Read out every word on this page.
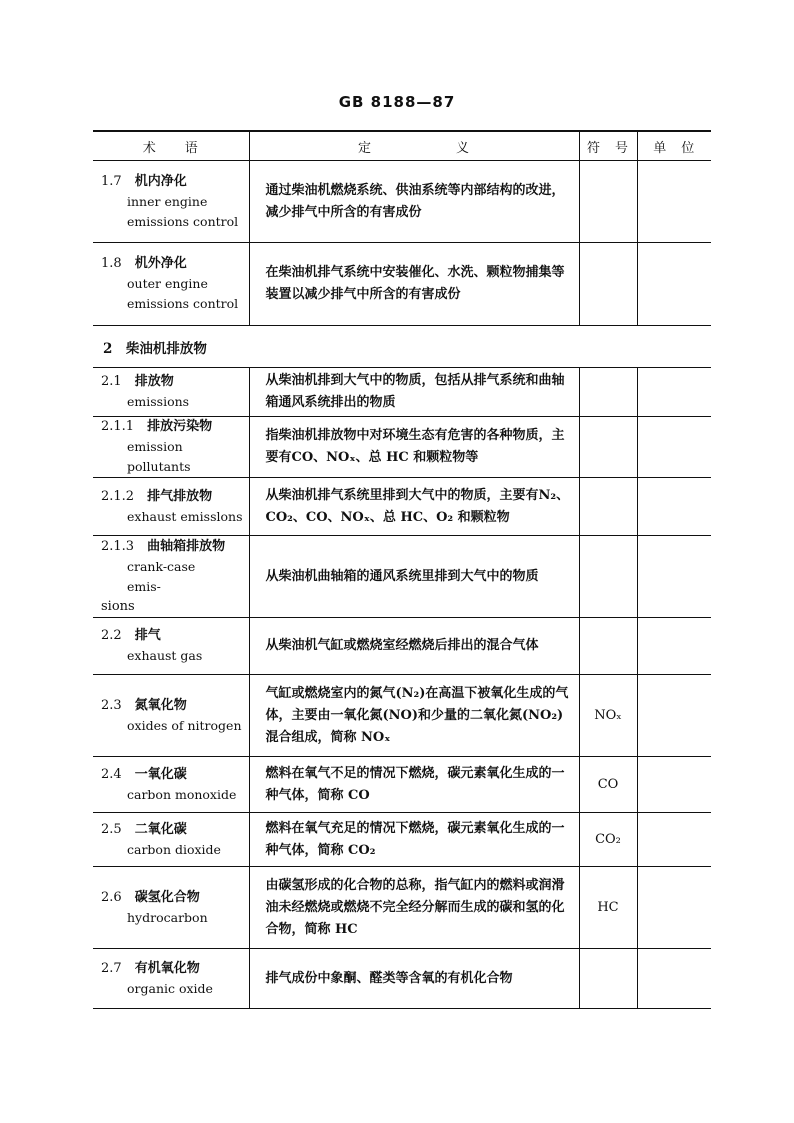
GB 8188—87
术　　语	定　　　　　　义	符　号	单　位

1.7　 机内净化
inner engine
emissions control	通过柴油机燃烧系统、供油系统等内部结构的改进，减少排气中所含的有害成份		

1.8　 机外净化
outer engine
emissions control	在柴油机排气系统中安装催化、水洗、颗粒物捕集等装置以减少排气中所含的有害成份		
2　柴油机排放物			

2.1　 排放物
emissions	从柴油机排到大气中的物质，包括从排气系统和曲轴箱通风系统排出的物质		

2.1.1　 排放污染物
emission pollutants	指柴油机排放物中对环境生态有危害的各种物质，主要有CO、NOₓ、总 HC 和颗粒物等		

2.1.2　 排气排放物
exhaust emisslons	从柴油机排气系统里排到大气中的物质，主要有N₂、CO₂、CO、NOₓ、总 HC、O₂ 和颗粒物		

2.1.3　 曲轴箱排放物
crank-case　　emis-
sions	从柴油机曲轴箱的通风系统里排到大气中的物质		

2.2　 排气
exhaust gas	从柴油机气缸或燃烧室经燃烧后排出的混合气体		

2.3　 氮氧化物
oxides of nitrogen	气缸或燃烧室内的氮气(N₂)在高温下被氧化生成的气体，主要由一氧化氮(NO)和少量的二氧化氮(NO₂)混合组成，简称 NOₓ	NOₓ	

2.4　 一氧化碳
carbon monoxide	燃料在氧气不足的情况下燃烧，碳元素氧化生成的一种气体，简称 CO	CO	

2.5　 二氧化碳
carbon dioxide	燃料在氧气充足的情况下燃烧，碳元素氧化生成的一种气体，简称 CO₂	CO₂	

2.6　 碳氢化合物
hydrocarbon	由碳氢形成的化合物的总称，指气缸内的燃料或润滑油未经燃烧或燃烧不完全经分解而生成的碳和氢的化合物，简称 HC	HC	

2.7　 有机氧化物
organic oxide	排气成份中象酮、醛类等含氧的有机化合物		
